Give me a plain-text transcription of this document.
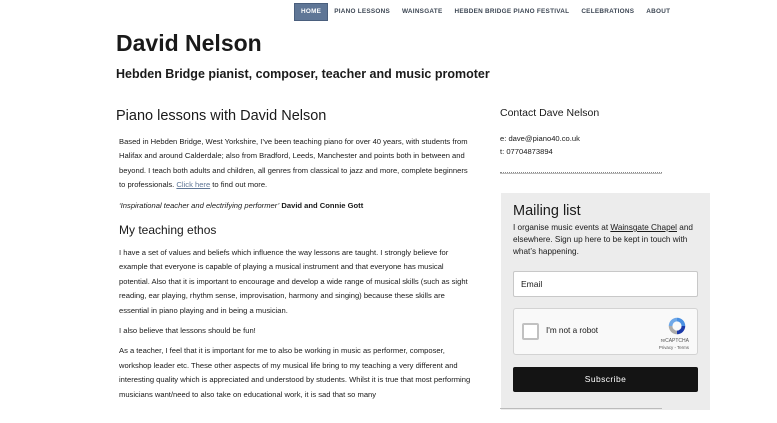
HOME	PIANO LESSONS	WAINSGATE	HEBDEN BRIDGE PIANO FESTIVAL	CELEBRATIONS	ABOUT
David Nelson
Hebden Bridge pianist, composer, teacher and music promoter
Piano lessons with David Nelson

Based in Hebden Bridge, West Yorkshire, I’ve been teaching piano for over 40 years, with students from Halifax and around Calderdale; also from Bradford, Leeds, Manchester and points both in between and beyond. I teach both adults and children, all genres from classical to jazz and more, complete beginners to professionals. Click here to find out more.

‘Inspirational teacher and electrifying performer’ David and Connie Gott

My teaching ethos

I have a set of values and beliefs which influence the way lessons are taught. I strongly believe for example that everyone is capable of playing a musical instrument and that everyone has musical potential. Also that it is important to encourage and develop a wide range of musical skills (such as sight reading, ear playing, rhythm sense, improvisation, harmony and singing) because these skills are essential in piano playing and in being a musician.

I also believe that lessons should be fun!

As a teacher, I feel that it is important for me to also be working in music as performer, composer, workshop leader etc. These other aspects of my musical life bring to my teaching a very different and interesting quality which is appreciated and understood by students. Whilst it is true that most performing musicians want/need to also take on educational work, it is sad that so many

Contact Dave Nelson

e: dave@piano40.co.uk

t: 07704873894

Mailing list

I organise music events at Wainsgate Chapel and elsewhere. Sign up here to be kept in touch with what’s happening.

Email
I'm not a robot
reCAPTCHA
Privacy - Terms
Subscribe
